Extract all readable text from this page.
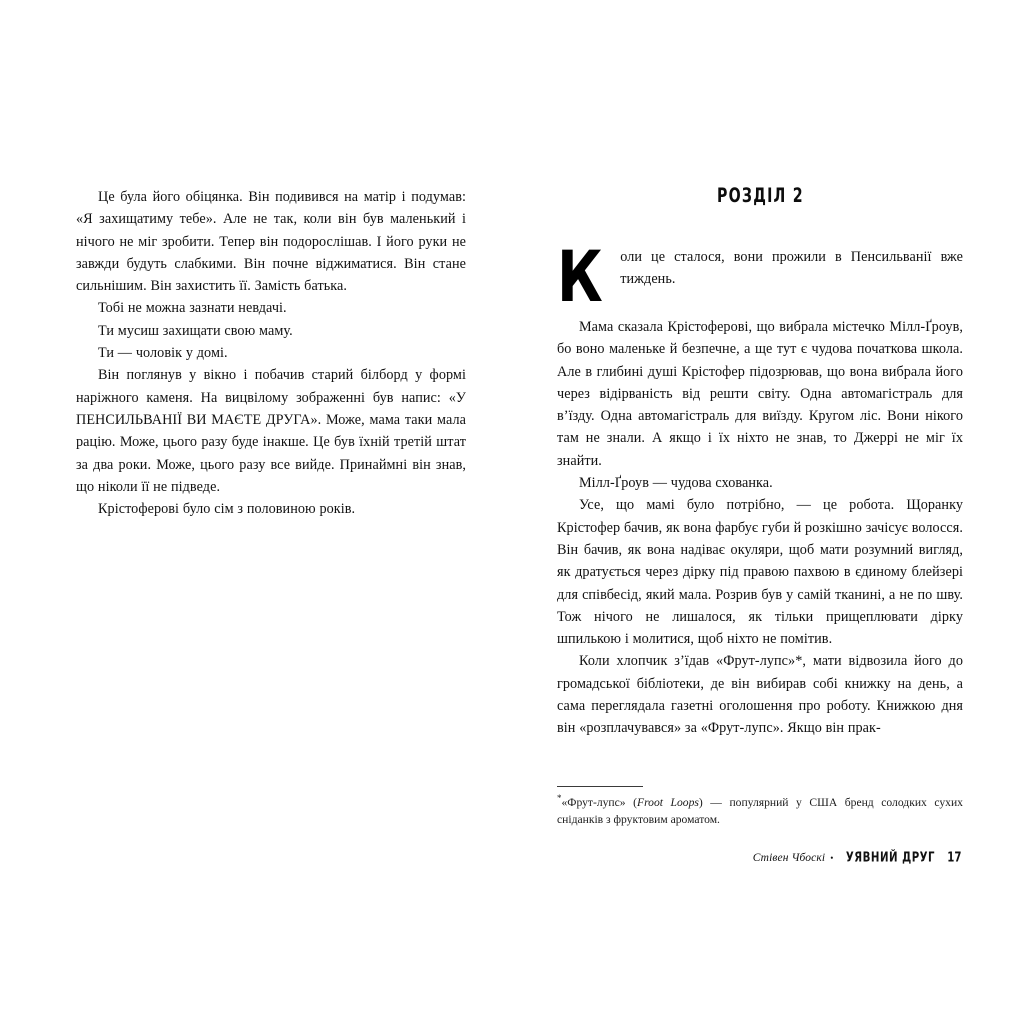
Це була його обіцянка. Він подивився на матір і подумав: «Я захищатиму тебе». Але не так, коли він був маленький і нічого не міг зробити. Тепер він подорослішав. І його руки не завжди будуть слабкими. Він почне віджиматися. Він стане сильнішим. Він захистить її. Замість батька.

Тобі не можна зазнати невдачі.

Ти мусиш захищати свою маму.

Ти — чоловік у домі.

Він поглянув у вікно і побачив старий білборд у формі наріжного каменя. На вицвілому зображенні був напис: «У ПЕНСИЛЬВАНІЇ ВИ МАЄТЕ ДРУГА». Може, мама таки мала рацію. Може, цього разу буде інакше. Це був їхній третій штат за два роки. Може, цього разу все вийде. Принаймні він знав, що ніколи її не підведе.

Крістоферові було сім з половиною років.

РОЗДІЛ 2
К	оли це сталося, вони прожили в Пенсильванії вже тиждень.

Мама сказала Крістоферові, що вибрала містечко Мілл-Ґроув, бо воно маленьке й безпечне, а ще тут є чудова початкова школа. Але в глибині душі Крістофер підозрював, що вона вибрала його через відірваність від решти світу. Одна автомагістраль для в’їзду. Одна автомагістраль для виїзду. Кругом ліс. Вони нікого там не знали. А якщо і їх ніхто не знав, то Джеррі не міг їх знайти.

Мілл-Ґроув — чудова схованка.

Усе, що мамі було потрібно, — це робота. Щоранку Крістофер бачив, як вона фарбує губи й розкішно зачісує волосся. Він бачив, як вона надіває окуляри, щоб мати розумний вигляд, як дратується через дірку під правою пахвою в єдиному блейзері для співбесід, який мала. Розрив був у самій тканині, а не по шву. Тож нічого не лишалося, як тільки прищеплювати дірку шпилькою і молитися, щоб ніхто не помітив.

Коли хлопчик з’їдав «Фрут-лупс»*, мати відвозила його до громадської бібліотеки, де він вибирав собі книжку на день, а сама переглядала газетні оголошення про роботу. Книжкою дня він «розплачувався» за «Фрут-лупс». Якщо він прак-

*«Фрут-лупс» (Froot Loops) — популярний у США бренд солодких сухих сніданків з фруктовим ароматом.

Стівен Чбоскі • УЯВНИЙ ДРУГ 17
